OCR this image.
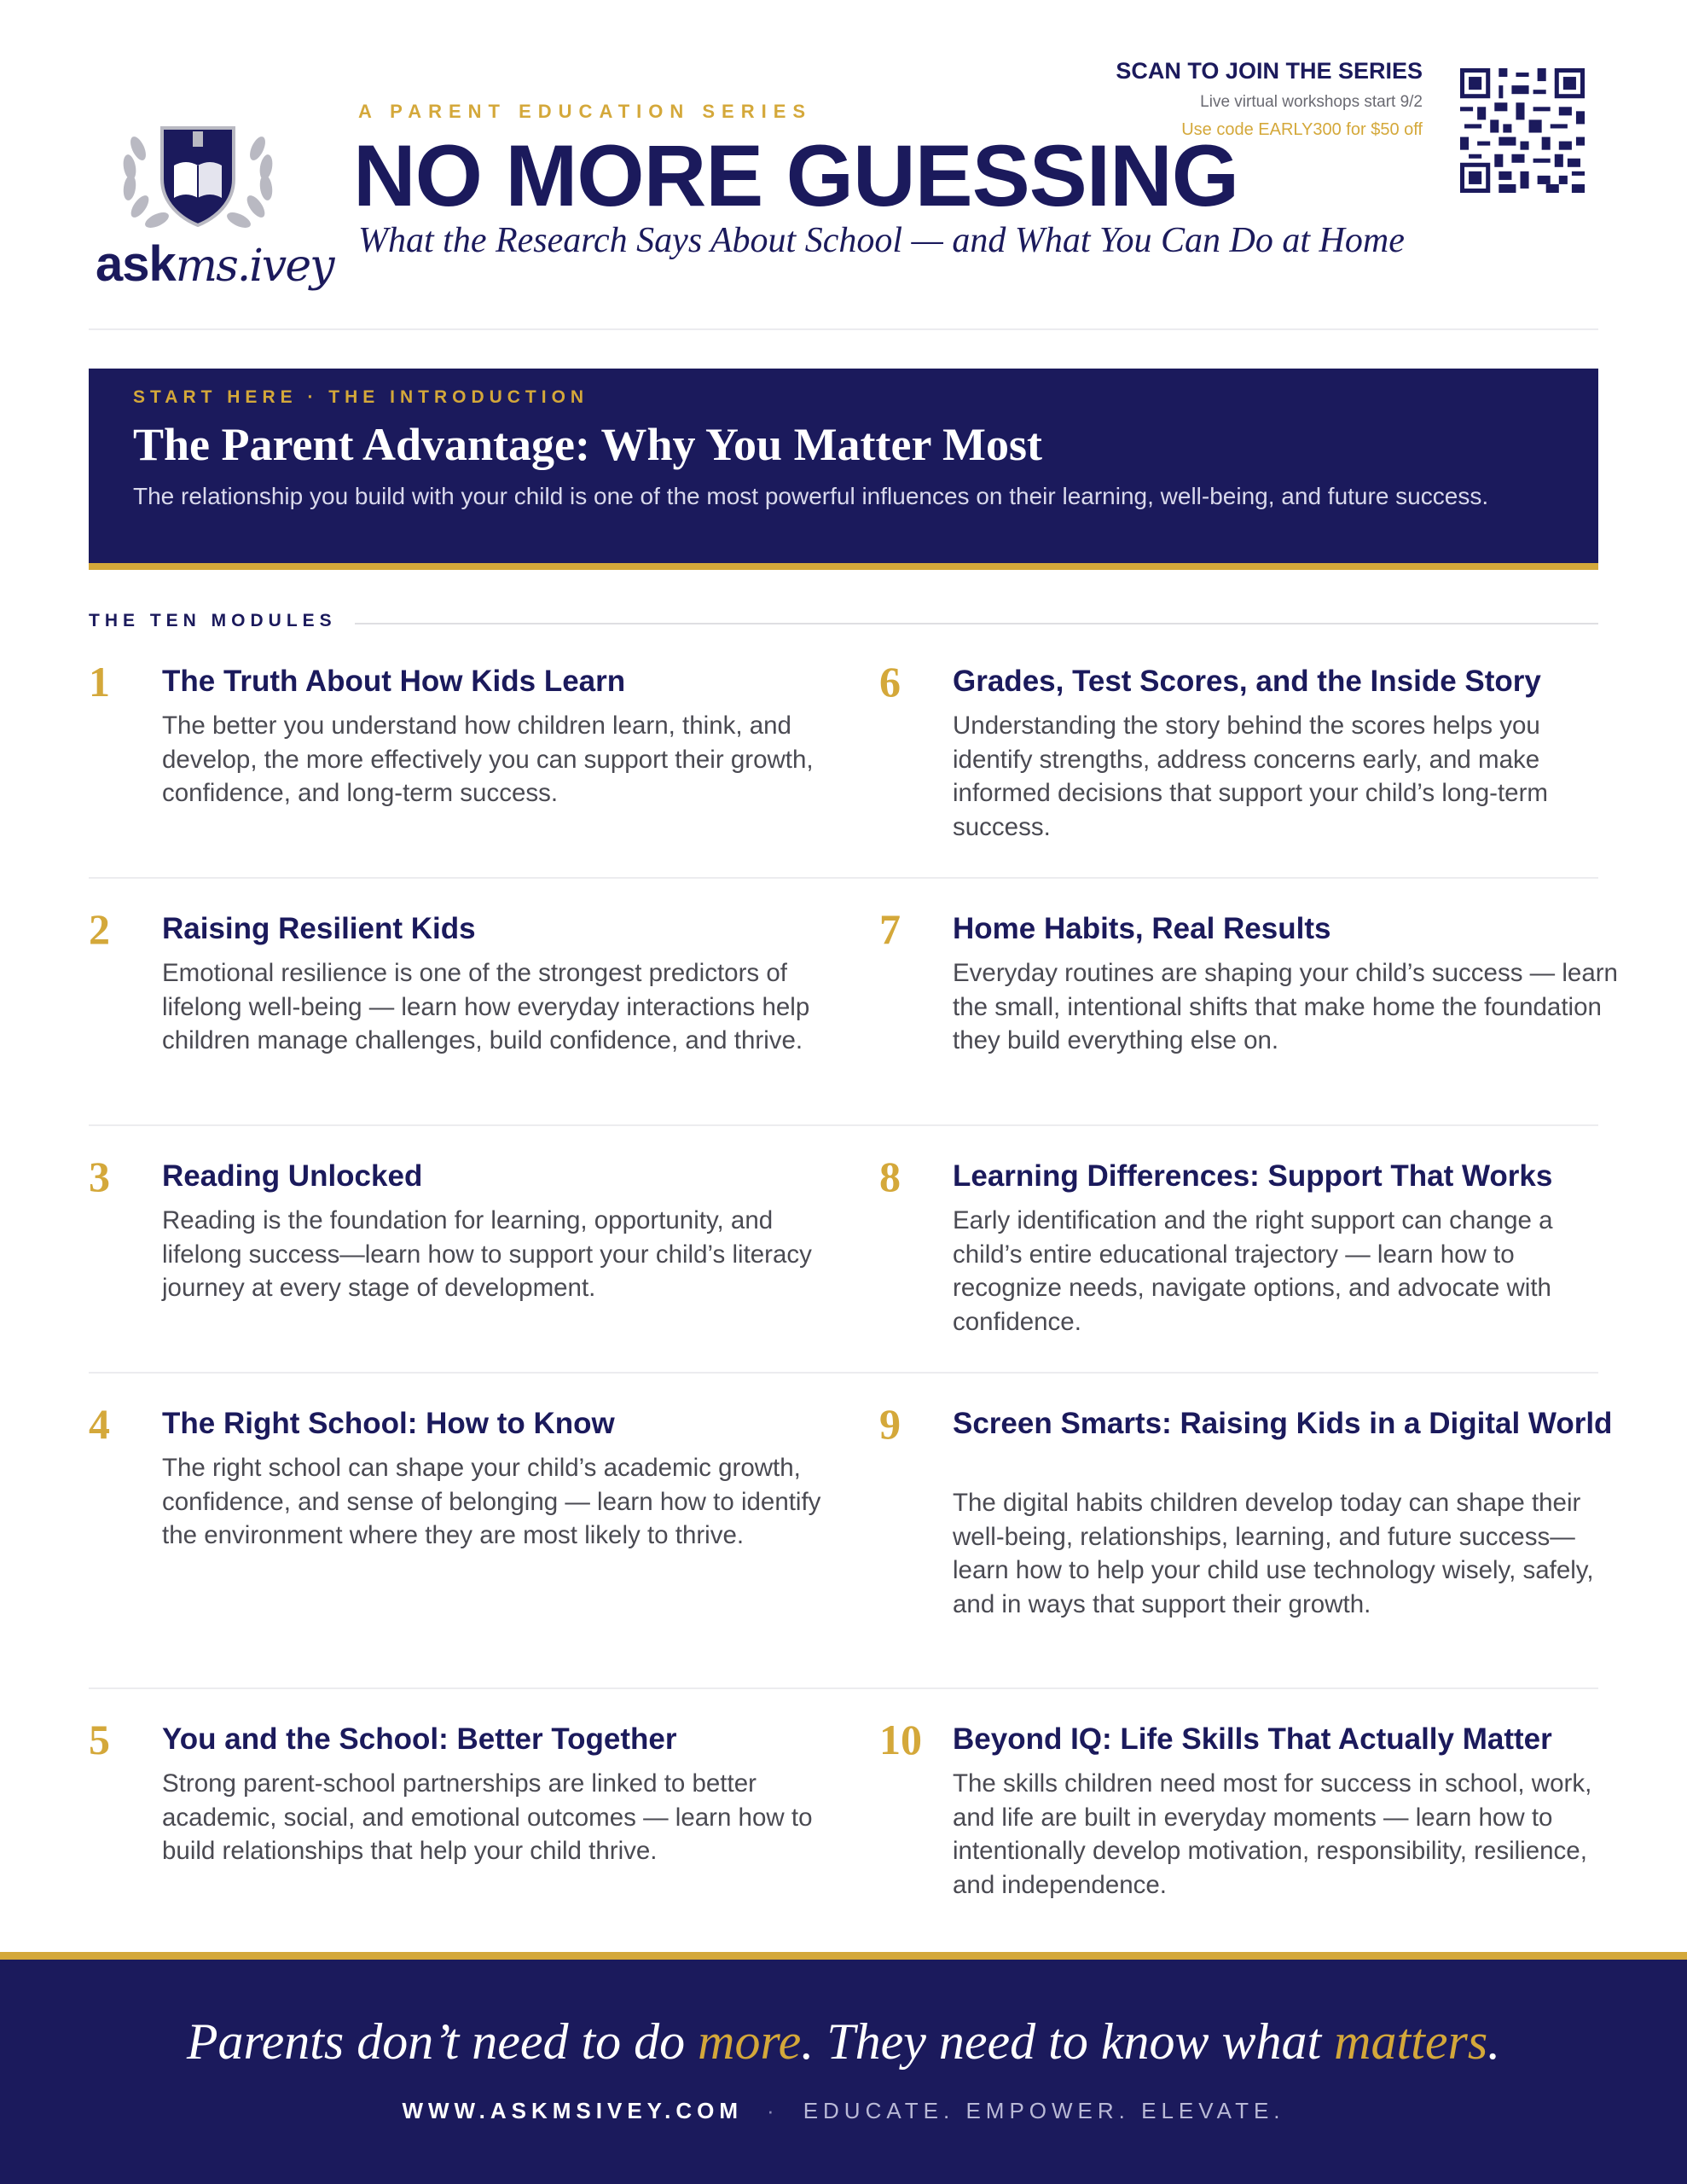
askms.ivey
A PARENT EDUCATION SERIES
NO MORE GUESSING
What the Research Says About School — and What You Can Do at Home
SCAN TO JOIN THE SERIES
Live virtual workshops start 9/2
Use code EARLY300 for $50 off
START HERE · THE INTRODUCTION
The Parent Advantage: Why You Matter Most
The relationship you build with your child is one of the most powerful influences on their learning, well-being, and future success.
THE TEN MODULES
1 The Truth About How Kids Learn
The better you understand how children learn, think, and develop, the more effectively you can support their growth, confidence, and long-term success.
6 Grades, Test Scores, and the Inside Story
Understanding the story behind the scores helps you identify strengths, address concerns early, and make informed decisions that support your child’s long-term success.
2 Raising Resilient Kids
Emotional resilience is one of the strongest predictors of lifelong well-being — learn how everyday interactions help children manage challenges, build confidence, and thrive.
7 Home Habits, Real Results
Everyday routines are shaping your child’s success — learn the small, intentional shifts that make home the foundation they build everything else on.
3 Reading Unlocked
Reading is the foundation for learning, opportunity, and lifelong success—learn how to support your child’s literacy journey at every stage of development.
8 Learning Differences: Support That Works
Early identification and the right support can change a child’s entire educational trajectory — learn how to recognize needs, navigate options, and advocate with confidence.
4 The Right School: How to Know
The right school can shape your child’s academic growth, confidence, and sense of belonging — learn how to identify the environment where they are most likely to thrive.
9 Screen Smarts: Raising Kids in a Digital World
The digital habits children develop today can shape their well-being, relationships, learning, and future success—learn how to help your child use technology wisely, safely, and in ways that support their growth.
5 You and the School: Better Together
Strong parent-school partnerships are linked to better academic, social, and emotional outcomes — learn how to build relationships that help your child thrive.
10 Beyond IQ: Life Skills That Actually Matter
The skills children need most for success in school, work, and life are built in everyday moments — learn how to intentionally develop motivation, responsibility, resilience, and independence.
Parents don’t need to do more. They need to know what matters.
WWW.ASKMSIVEY.COM · EDUCATE. EMPOWER. ELEVATE.
